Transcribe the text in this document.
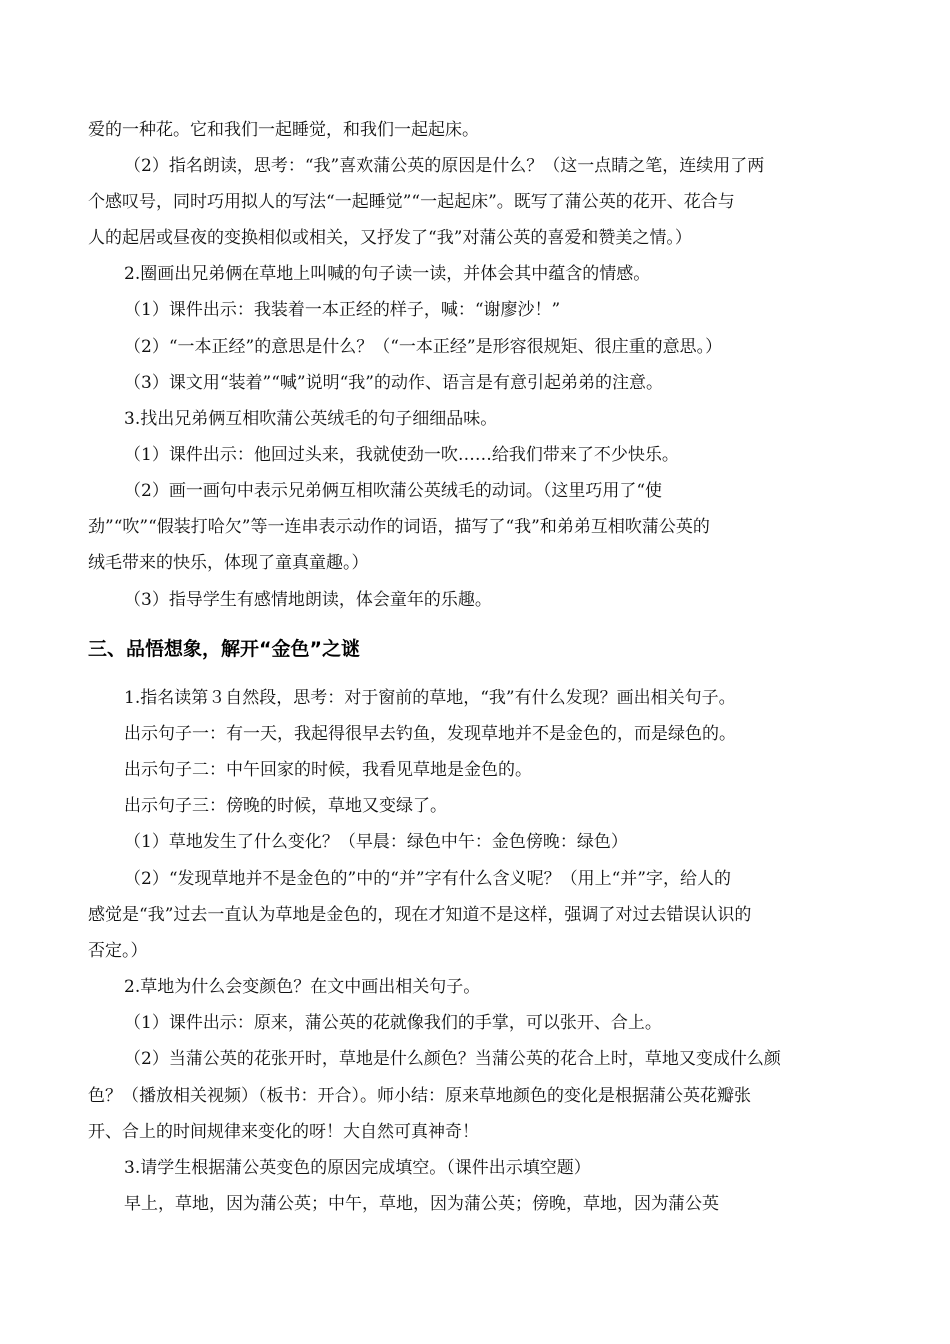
爱的一种花。它和我们一起睡觉，和我们一起起床。
（2）指名朗读，思考：“我”喜欢蒲公英的原因是什么？（这一点睛之笔，连续用了两
个感叹号，同时巧用拟人的写法“一起睡觉”“一起起床”。既写了蒲公英的花开、花合与
人的起居或昼夜的变换相似或相关，又抒发了“我”对蒲公英的喜爱和赞美之情。）
2.圈画出兄弟俩在草地上叫喊的句子读一读，并体会其中蕴含的情感。
（1）课件出示：我装着一本正经的样子，喊：“谢廖沙！”
（2）“一本正经”的意思是什么？（“一本正经”是形容很规矩、很庄重的意思。）
（3）课文用“装着”“喊”说明“我”的动作、语言是有意引起弟弟的注意。
3.找出兄弟俩互相吹蒲公英绒毛的句子细细品味。
（1）课件出示：他回过头来，我就使劲一吹……给我们带来了不少快乐。
（2）画一画句中表示兄弟俩互相吹蒲公英绒毛的动词。（这里巧用了“使
劲”“吹”“假装打哈欠”等一连串表示动作的词语，描写了“我”和弟弟互相吹蒲公英的
绒毛带来的快乐，体现了童真童趣。）
（3）指导学生有感情地朗读，体会童年的乐趣。
三、品悟想象，解开“金色”之谜
1.指名读第３自然段，思考：对于窗前的草地，“我”有什么发现？画出相关句子。
出示句子一：有一天，我起得很早去钓鱼，发现草地并不是金色的，而是绿色的。
出示句子二：中午回家的时候，我看见草地是金色的。
出示句子三：傍晚的时候，草地又变绿了。
（1）草地发生了什么变化？（早晨：绿色中午：金色傍晚：绿色）
（2）“发现草地并不是金色的”中的“并”字有什么含义呢？（用上“并”字，给人的
感觉是“我”过去一直认为草地是金色的，现在才知道不是这样，强调了对过去错误认识的
否定。）
2.草地为什么会变颜色？在文中画出相关句子。
（1）课件出示：原来，蒲公英的花就像我们的手掌，可以张开、合上。
（2）当蒲公英的花张开时，草地是什么颜色？当蒲公英的花合上时，草地又变成什么颜
色？（播放相关视频）（板书：开合）。师小结：原来草地颜色的变化是根据蒲公英花瓣张
开、合上的时间规律来变化的呀！大自然可真神奇！
3.请学生根据蒲公英变色的原因完成填空。（课件出示填空题）
早上，草地，因为蒲公英；中午，草地，因为蒲公英；傍晚，草地，因为蒲公英
